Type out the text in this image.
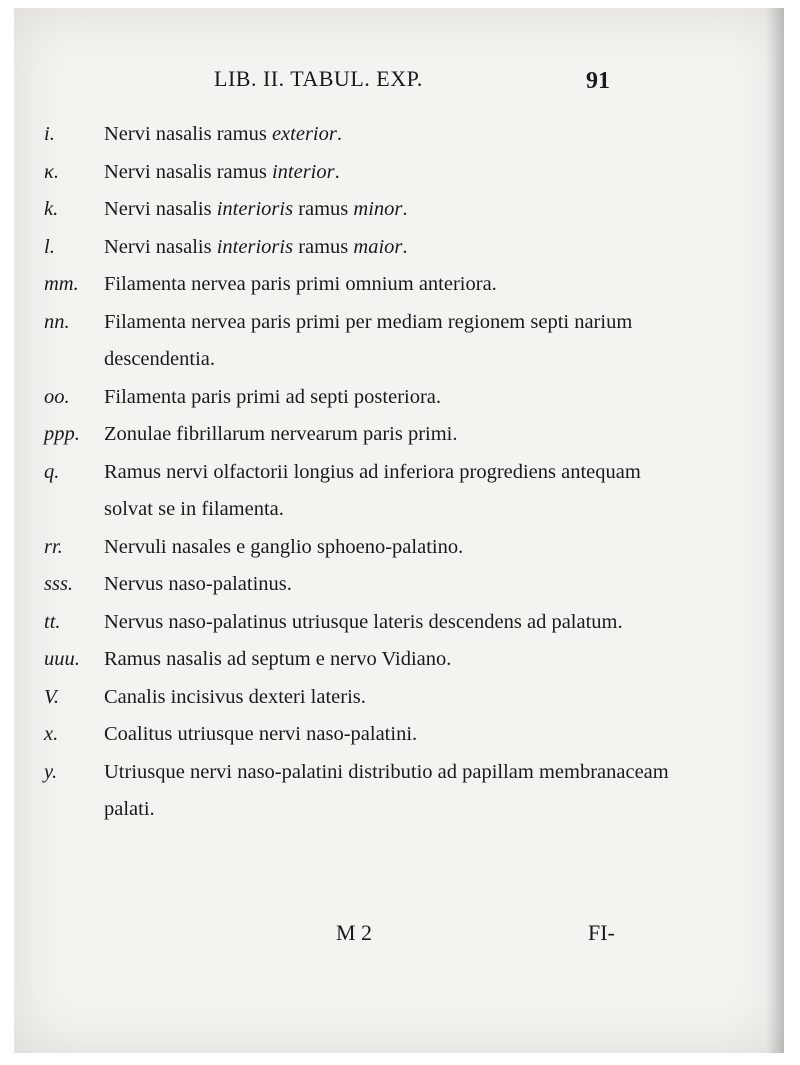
LIB. II. TABUL. EXP.	91
i. Nervi nasalis ramus exterior.
κ. Nervi nasalis ramus interior.
k. Nervi nasalis interioris ramus minor.
l. Nervi nasalis interioris ramus maior.
mm. Filamenta nervea paris primi omnium anteriora.
nn. Filamenta nervea paris primi per mediam regionem septi narium descendentia.
oo. Filamenta paris primi ad septi posteriora.
ppp. Zonulae fibrillarum nervearum paris primi.
q. Ramus nervi olfactorii longius ad inferiora progrediens antequam solvat se in filamenta.
rr. Nervuli nasales e ganglio sphoeno-palatino.
sss. Nervus naso-palatinus.
tt. Nervus naso-palatinus utriusque lateris descendens ad palatum.
uuu. Ramus nasalis ad septum e nervo Vidiano.
V. Canalis incisivus dexteri lateris.
x. Coalitus utriusque nervi naso-palatini.
y. Utriusque nervi naso-palatini distributio ad papillam membranaceam palati.
M 2	FI-
